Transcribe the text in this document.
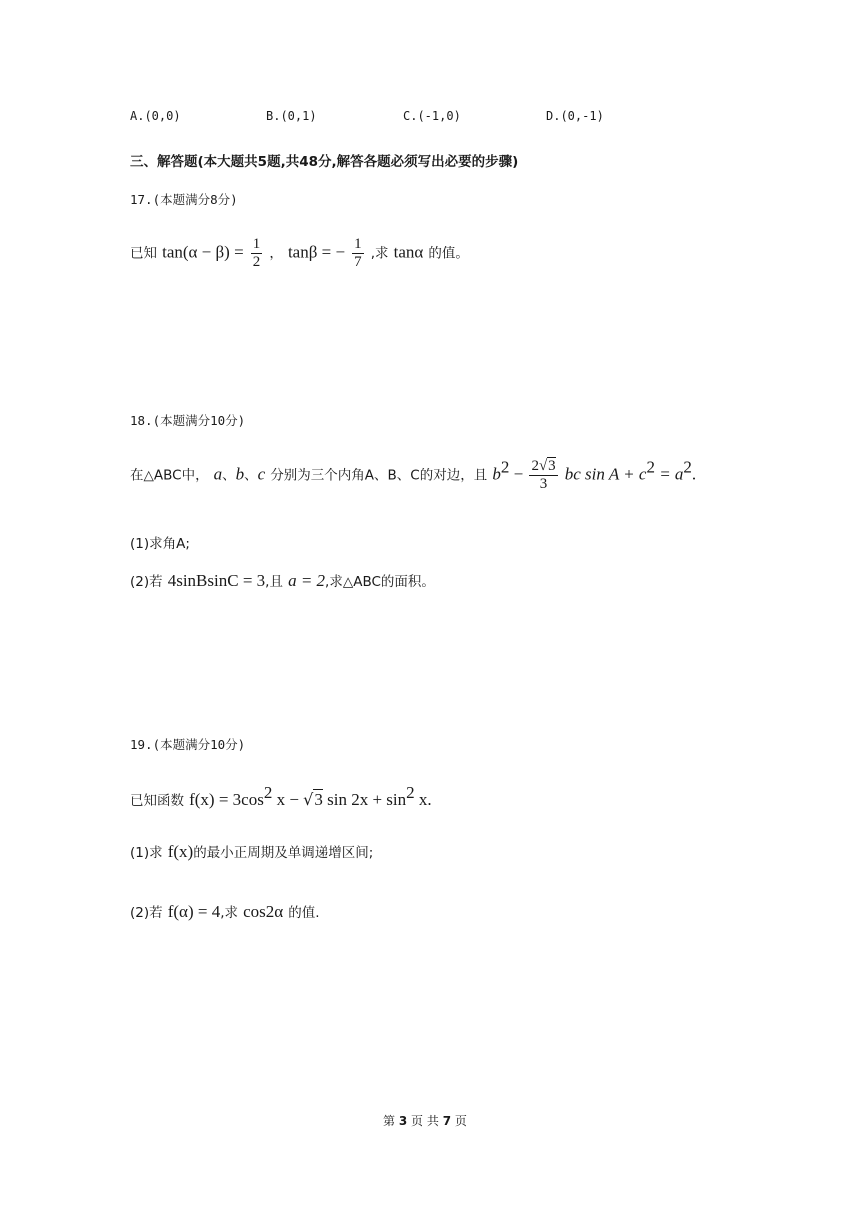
A.(0,0)	B.(0,1)	C.(-1,0)	D.(0,-1)
三、解答题(本大题共5题,共48分,解答各题必须写出必要的步骤)
17.(本题满分8分)
已知 $\tan(\alpha - \beta) = \frac{1}{2}$ ， tanβ = − $\frac{1}{7}$ ,求 tanα 的值。
18.(本题满分10分)
在△ABC中， a、b、c 分别为三个内角A、B、C的对边，且 $b^2 - \frac{2√3}{3}$ bc $\sin A + c^2 = a^2$.
(1)求角A;
(2)若 4sinBsinC = 3,且 a = 2,求△ABC的面积。
19.(本题满分10分)
已知函数 $f(x) = 3\cos^2$ x − √3 $\sin 2x + \sin^2 x$.
(1)求 f(x)的最小正周期及单调递增区间;
(2)若 f(α) = 4,求 cos2α 的值.
第 3 页 共 7 页
